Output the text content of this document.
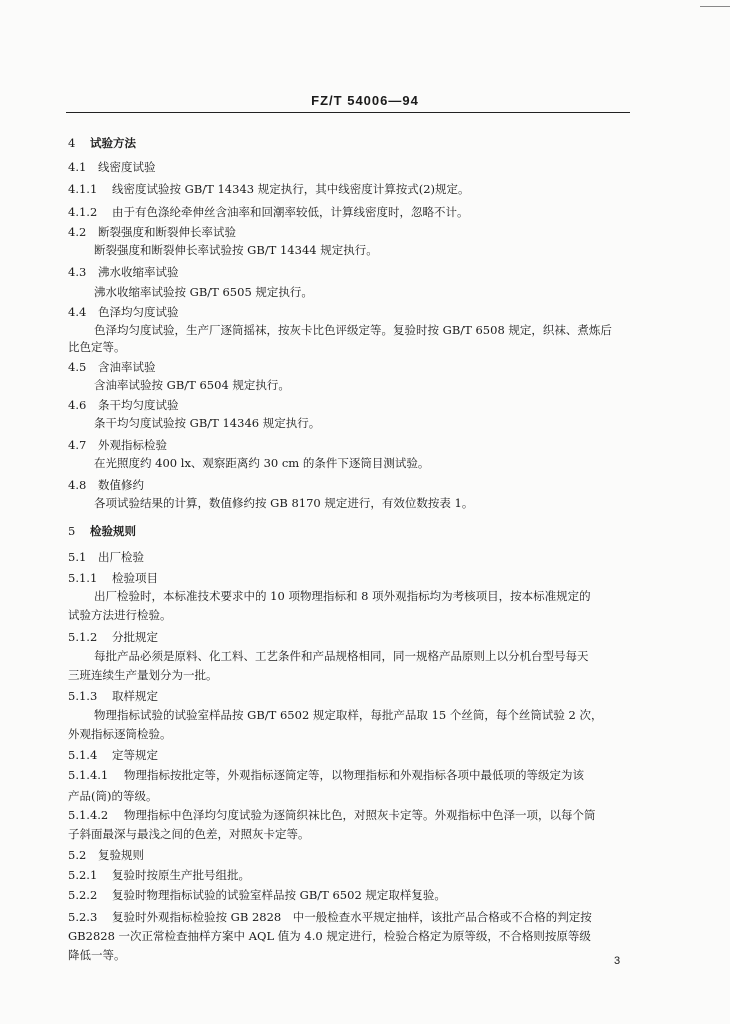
FZ/T 54006—94
4 试验方法
4.1 线密度试验
4.1.1 线密度试验按 GB/T 14343 规定执行，其中线密度计算按式(2)规定。
4.1.2 由于有色涤纶牵伸丝含油率和回潮率较低，计算线密度时，忽略不计。
4.2 断裂强度和断裂伸长率试验
断裂强度和断裂伸长率试验按 GB/T 14344 规定执行。
4.3 沸水收缩率试验
沸水收缩率试验按 GB/T 6505 规定执行。
4.4 色泽均匀度试验
色泽均匀度试验，生产厂逐筒摇袜，按灰卡比色评级定等。复验时按 GB/T 6508 规定，织袜、煮炼后
比色定等。
4.5 含油率试验
含油率试验按 GB/T 6504 规定执行。
4.6 条干均匀度试验
条干均匀度试验按 GB/T 14346 规定执行。
4.7 外观指标检验
在光照度约 400 lx、观察距离约 30 cm 的条件下逐筒目测试验。
4.8 数值修约
各项试验结果的计算，数值修约按 GB 8170 规定进行，有效位数按表 1。
5 检验规则
5.1 出厂检验
5.1.1 检验项目
出厂检验时，本标准技术要求中的 10 项物理指标和 8 项外观指标均为考核项目，按本标准规定的
试验方法进行检验。
5.1.2 分批规定
每批产品必须是原料、化工料、工艺条件和产品规格相同，同一规格产品原则上以分机台型号每天
三班连续生产量划分为一批。
5.1.3 取样规定
物理指标试验的试验室样品按 GB/T 6502 规定取样，每批产品取 15 个丝筒，每个丝筒试验 2 次，
外观指标逐筒检验。
5.1.4 定等规定
5.1.4.1 物理指标按批定等，外观指标逐筒定等，以物理指标和外观指标各项中最低项的等级定为该
产品(筒)的等级。
5.1.4.2 物理指标中色泽均匀度试验为逐筒织袜比色，对照灰卡定等。外观指标中色泽一项，以每个筒
子斜面最深与最浅之间的色差，对照灰卡定等。
5.2 复验规则
5.2.1 复验时按原生产批号组批。
5.2.2 复验时物理指标试验的试验室样品按 GB/T 6502 规定取样复验。
5.2.3 复验时外观指标检验按 GB 2828　中一般检查水平规定抽样，该批产品合格或不合格的判定按
GB2828 一次正常检查抽样方案中 AQL 值为 4.0 规定进行，检验合格定为原等级，不合格则按原等级
降低一等。	3
